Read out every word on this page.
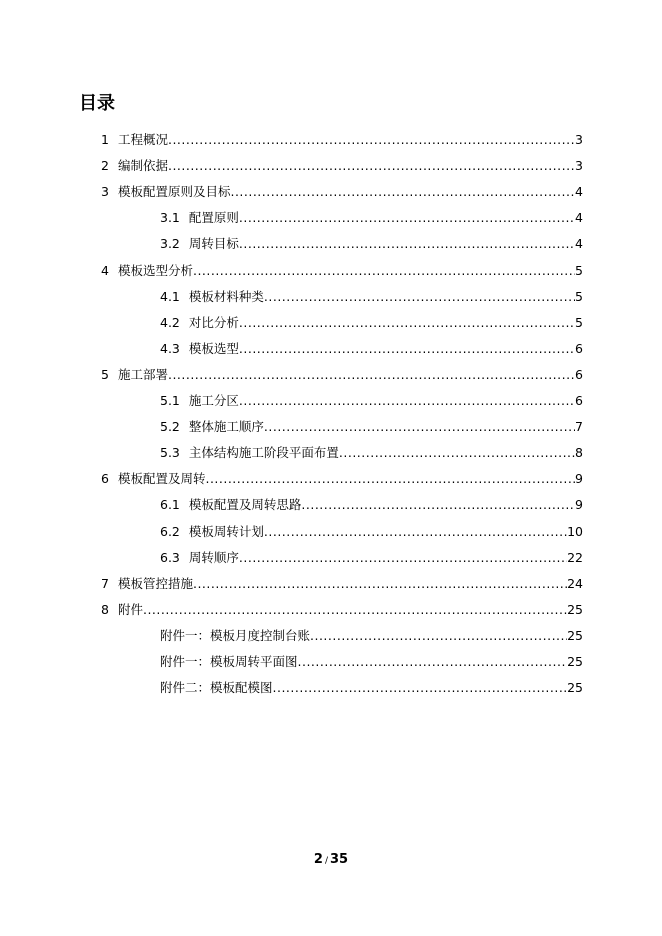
目录
1 工程概况 .....	3
2 编制依据 .....	3
3 模板配置原则及目标 .....	4
3.1 配置原则 .....	4
3.2 周转目标 .....	4
4 模板选型分析 .....	5
4.1 模板材料种类 .....	5
4.2 对比分析 .....	5
4.3 模板选型 .....	6
5 施工部署 .....	6
5.1 施工分区 .....	6
5.2 整体施工顺序 .....	7
5.3 主体结构施工阶段平面布置 .....	8
6 模板配置及周转 .....	9
6.1 模板配置及周转思路 .....	9
6.2 模板周转计划 .....	10
6.3 周转顺序 .....	22
7 模板管控措施 .....	24
8 附件 .....	25
附件一：模板月度控制台账 .....	25
附件一：模板周转平面图 .....	25
附件二：模板配模图 .....	25
2 / 35
